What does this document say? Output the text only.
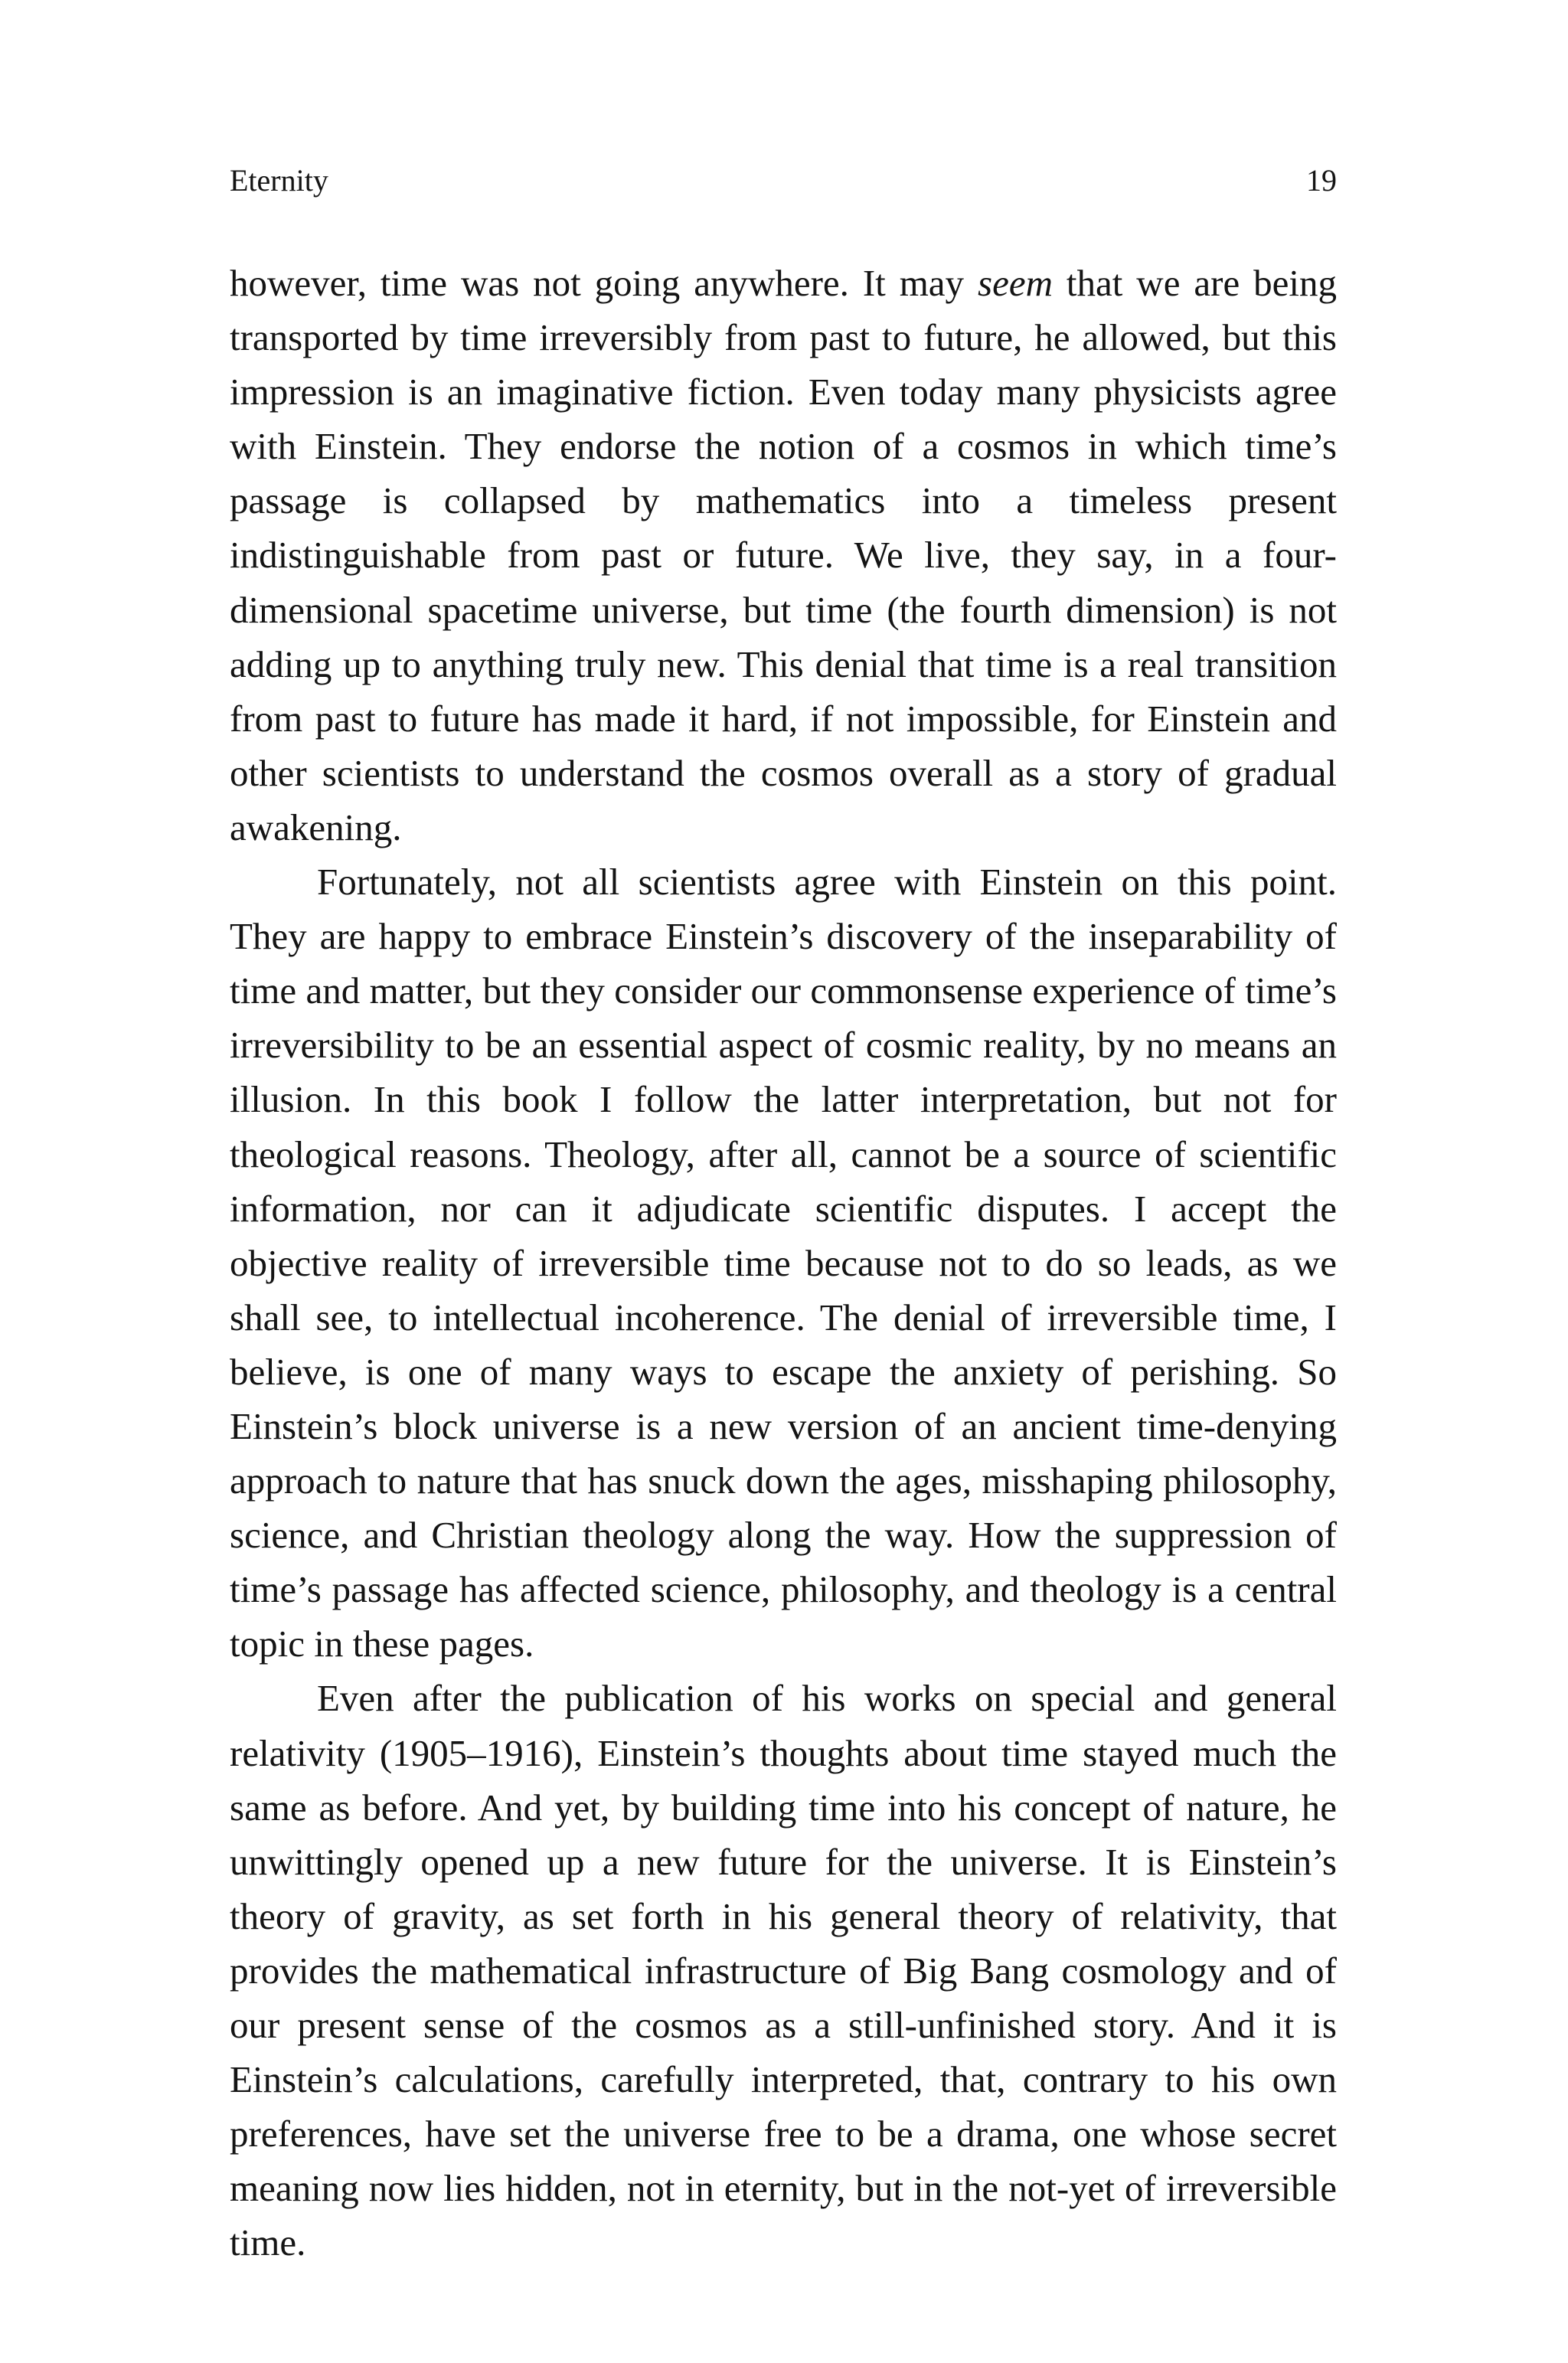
Eternity	19

however, time was not going anywhere. It may seem that we are being transported by time irreversibly from past to future, he allowed, but this impression is an imaginative fiction. Even today many physicists agree with Einstein. They endorse the notion of a cosmos in which time’s passage is collapsed by mathematics into a timeless present indistinguishable from past or future. We live, they say, in a four-dimensional spacetime universe, but time (the fourth dimension) is not adding up to anything truly new. This denial that time is a real transition from past to future has made it hard, if not impossible, for Einstein and other scientists to understand the cosmos overall as a story of gradual awakening.

Fortunately, not all scientists agree with Einstein on this point. They are happy to embrace Einstein’s discovery of the inseparability of time and matter, but they consider our commonsense experience of time’s irreversibility to be an essential aspect of cosmic reality, by no means an illusion. In this book I follow the latter interpretation, but not for theological reasons. Theology, after all, cannot be a source of scientific information, nor can it adjudicate scientific disputes. I accept the objective reality of irreversible time because not to do so leads, as we shall see, to intellectual incoherence. The denial of irreversible time, I believe, is one of many ways to escape the anxiety of perishing. So Einstein’s block universe is a new version of an ancient time-denying approach to nature that has snuck down the ages, misshaping philosophy, science, and Christian theology along the way. How the suppression of time’s passage has affected science, philosophy, and theology is a central topic in these pages.

Even after the publication of his works on special and general relativity (1905–1916), Einstein’s thoughts about time stayed much the same as before. And yet, by building time into his concept of nature, he unwittingly opened up a new future for the universe. It is Einstein’s theory of gravity, as set forth in his general theory of relativity, that provides the mathematical infrastructure of Big Bang cosmology and of our present sense of the cosmos as a still-unfinished story. And it is Einstein’s calculations, carefully interpreted, that, contrary to his own preferences, have set the universe free to be a drama, one whose secret meaning now lies hidden, not in eternity, but in the not-yet of irreversible time.
